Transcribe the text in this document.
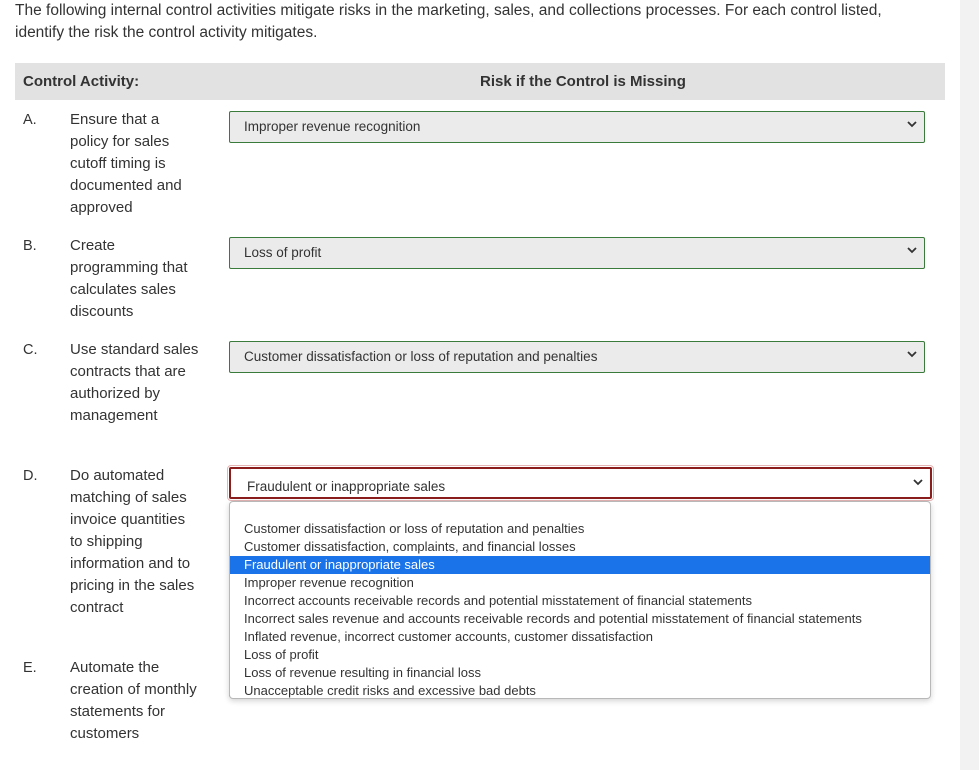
The following internal control activities mitigate risks in the marketing, sales, and collections processes. For each control listed, identify the risk the control activity mitigates.
Control Activity:	Risk if the Control is Missing
A. Ensure that a policy for sales cutoff timing is documented and approved
Improper revenue recognition
B. Create programming that calculates sales discounts
Loss of profit
C. Use standard sales contracts that are authorized by management
Customer dissatisfaction or loss of reputation and penalties
D. Do automated matching of sales invoice quantities to shipping information and to pricing in the sales contract
Fraudulent or inappropriate sales
E. Automate the creation of monthly statements for customers
Customer dissatisfaction or loss of reputation and penalties
Customer dissatisfaction, complaints, and financial losses
Fraudulent or inappropriate sales
Improper revenue recognition
Incorrect accounts receivable records and potential misstatement of financial statements
Incorrect sales revenue and accounts receivable records and potential misstatement of financial statements
Inflated revenue, incorrect customer accounts, customer dissatisfaction
Loss of profit
Loss of revenue resulting in financial loss
Unacceptable credit risks and excessive bad debts
